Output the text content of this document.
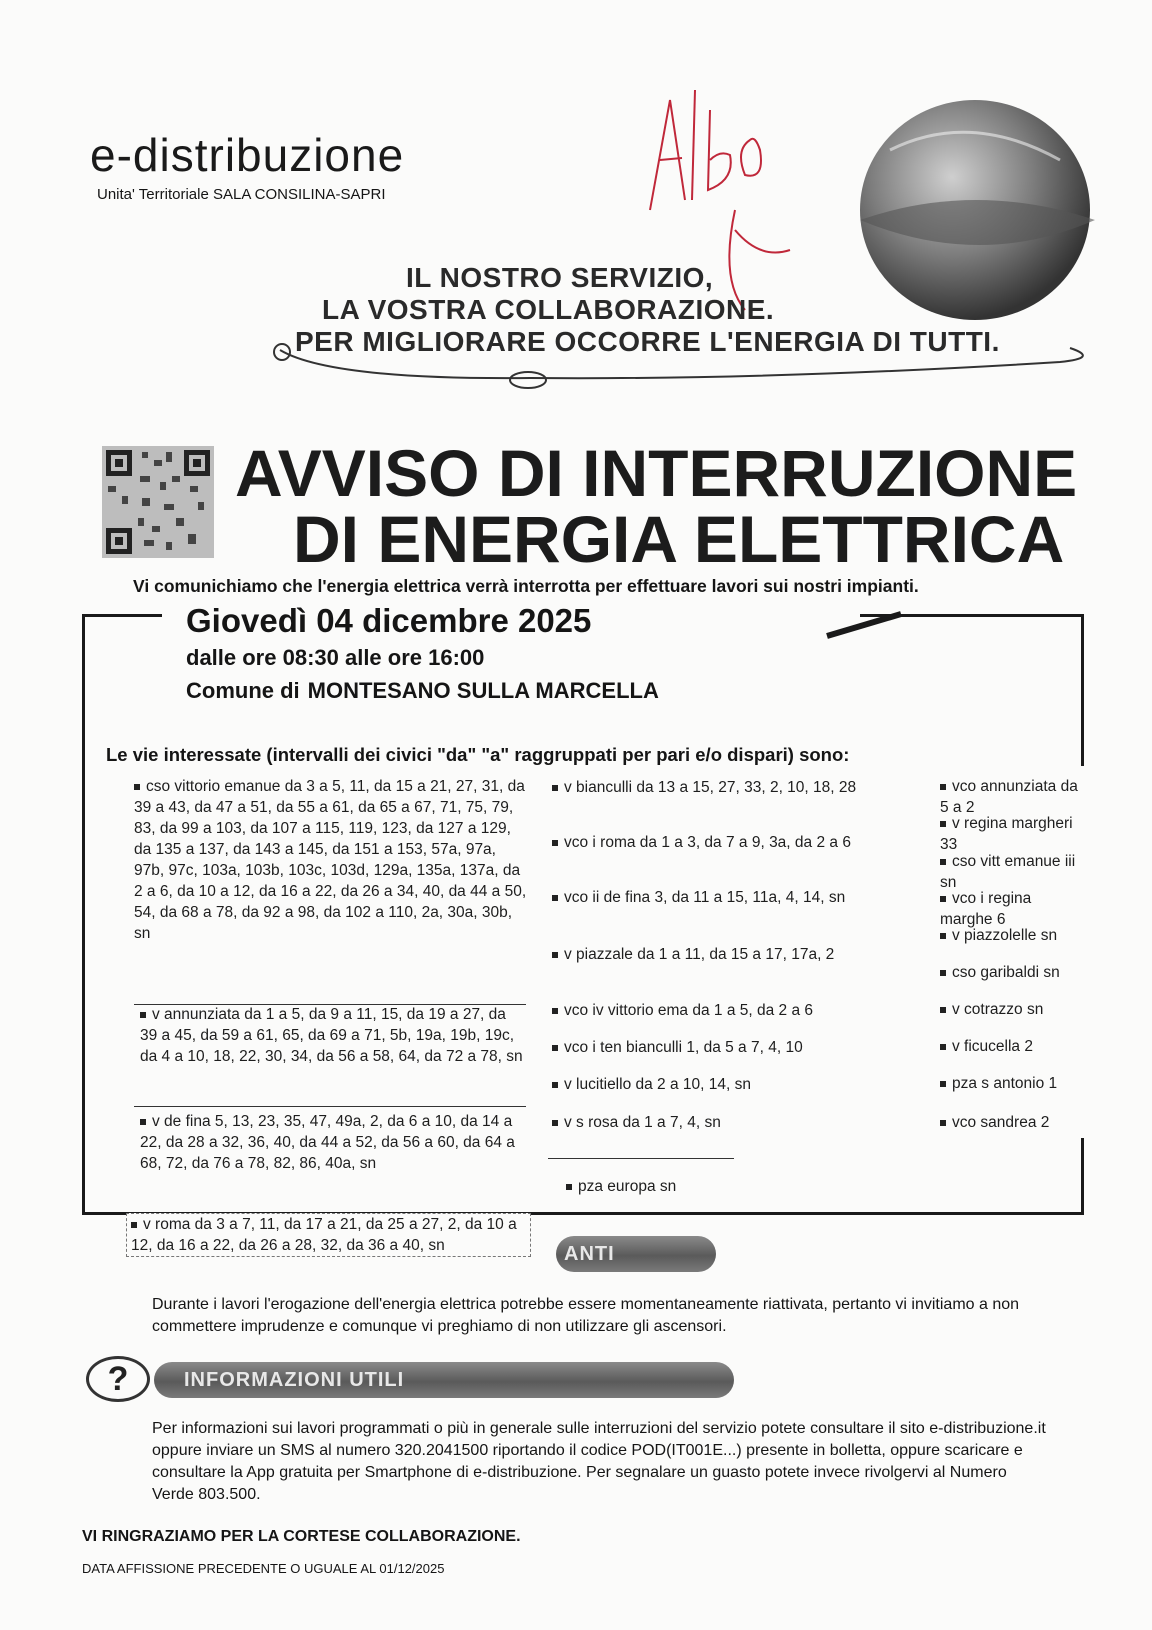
e-distribuzione
Unita' Territoriale SALA CONSILINA-SAPRI
IL NOSTRO SERVIZIO,
LA VOSTRA COLLABORAZIONE.
PER MIGLIORARE OCCORRE L'ENERGIA DI TUTTI.
AVVISO DI INTERRUZIONE
DI ENERGIA ELETTRICA
Vi comunichiamo che l'energia elettrica verrà interrotta per effettuare lavori sui nostri impianti.
Giovedì 04 dicembre 2025
dalle ore 08:30 alle ore 16:00
Comune di MONTESANO SULLA MARCELLA
Le vie interessate (intervalli dei civici "da" "a" raggruppati per pari e/o dispari) sono:
cso vittorio emanue da 3 a 5, 11, da 15 a 21, 27, 31, da 39 a 43, da 47 a 51, da 55 a 61, da 65 a 67, 71, 75, 79, 83, da 99 a 103, da 107 a 115, 119, 123, da 127 a 129, da 135 a 137, da 143 a 145, da 151 a 153, 57a, 97a, 97b, 97c, 103a, 103b, 103c, 103d, 129a, 135a, 137a, da 2 a 6, da 10 a 12, da 16 a 22, da 26 a 34, 40, da 44 a 50, 54, da 68 a 78, da 92 a 98, da 102 a 110, 2a, 30a, 30b, sn
v annunziata da 1 a 5, da 9 a 11, 15, da 19 a 27, da 39 a 45, da 59 a 61, 65, da 69 a 71, 5b, 19a, 19b, 19c, da 4 a 10, 18, 22, 30, 34, da 56 a 58, 64, da 72 a 78, sn
v de fina 5, 13, 23, 35, 47, 49a, 2, da 6 a 10, da 14 a 22, da 28 a 32, 36, 40, da 44 a 52, da 56 a 60, da 64 a 68, 72, da 76 a 78, 82, 86, 40a, sn
v roma da 3 a 7, 11, da 17 a 21, da 25 a 27, 2, da 10 a 12, da 16 a 22, da 26 a 28, 32, da 36 a 40, sn
v bianculli da 13 a 15, 27, 33, 2, 10, 18, 28
vco i roma da 1 a 3, da 7 a 9, 3a, da 2 a 6
vco ii de fina 3, da 11 a 15, 11a, 4, 14, sn
v piazzale da 1 a 11, da 15 a 17, 17a, 2
vco iv vittorio ema da 1 a 5, da 2 a 6
vco i ten bianculli 1, da 5 a 7, 4, 10
v lucitiello da 2 a 10, 14, sn
v s rosa da 1 a 7, 4, sn
pza europa sn
vco annunziata da 5 a 2
v regina margheri 33
cso vitt emanue iii sn
vco i regina marghe 6
v piazzolelle sn
cso garibaldi sn
v cotrazzo sn
v ficucella 2
pza s antonio 1
vco sandrea 2
ANTI
Durante i lavori l'erogazione dell'energia elettrica potrebbe essere momentaneamente riattivata, pertanto vi invitiamo a non commettere imprudenze e comunque vi preghiamo di non utilizzare gli ascensori.
?	INFORMAZIONI UTILI
Per informazioni sui lavori programmati o più in generale sulle interruzioni del servizio potete consultare il sito e-distribuzione.it oppure inviare un SMS al numero 320.2041500 riportando il codice POD(IT001E...) presente in bolletta, oppure scaricare e consultare la App gratuita per Smartphone di e-distribuzione. Per segnalare un guasto potete invece rivolgervi al Numero Verde 803.500.
VI RINGRAZIAMO PER LA CORTESE COLLABORAZIONE.
DATA AFFISSIONE PRECEDENTE O UGUALE AL 01/12/2025
